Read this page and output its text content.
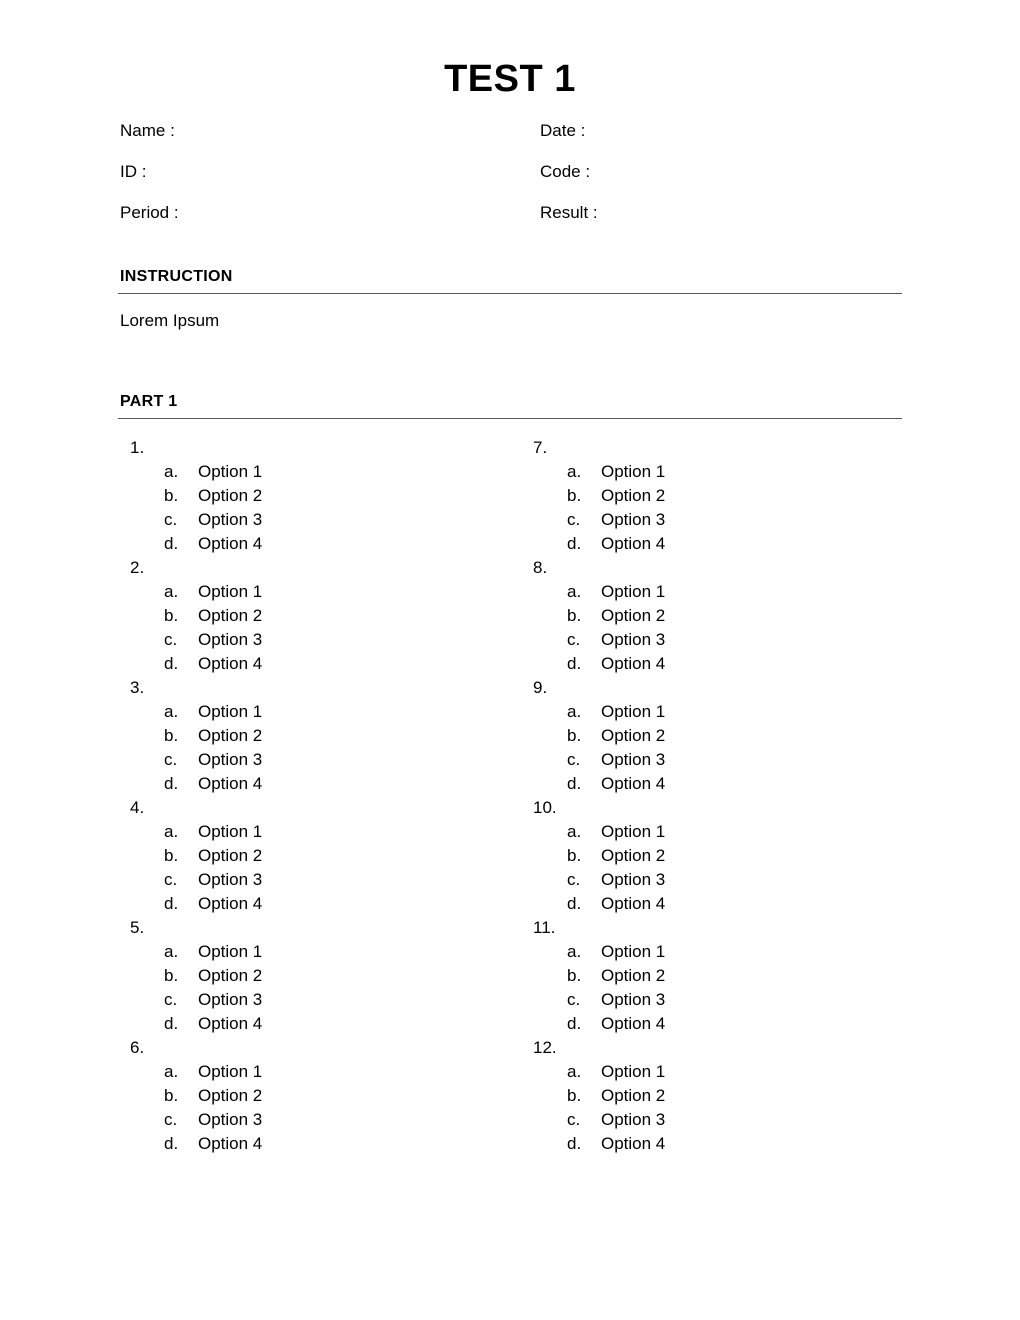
TEST 1
Name :	Date :
ID :	Code :
Period :	Result :
INSTRUCTION
Lorem Ipsum
PART 1
1.
a. Option 1
b. Option 2
c. Option 3
d. Option 4
2.
a. Option 1
b. Option 2
c. Option 3
d. Option 4
3.
a. Option 1
b. Option 2
c. Option 3
d. Option 4
4.
a. Option 1
b. Option 2
c. Option 3
d. Option 4
5.
a. Option 1
b. Option 2
c. Option 3
d. Option 4
6.
a. Option 1
b. Option 2
c. Option 3
d. Option 4
7.
a. Option 1
b. Option 2
c. Option 3
d. Option 4
8.
a. Option 1
b. Option 2
c. Option 3
d. Option 4
9.
a. Option 1
b. Option 2
c. Option 3
d. Option 4
10.
a. Option 1
b. Option 2
c. Option 3
d. Option 4
11.
a. Option 1
b. Option 2
c. Option 3
d. Option 4
12.
a. Option 1
b. Option 2
c. Option 3
d. Option 4
